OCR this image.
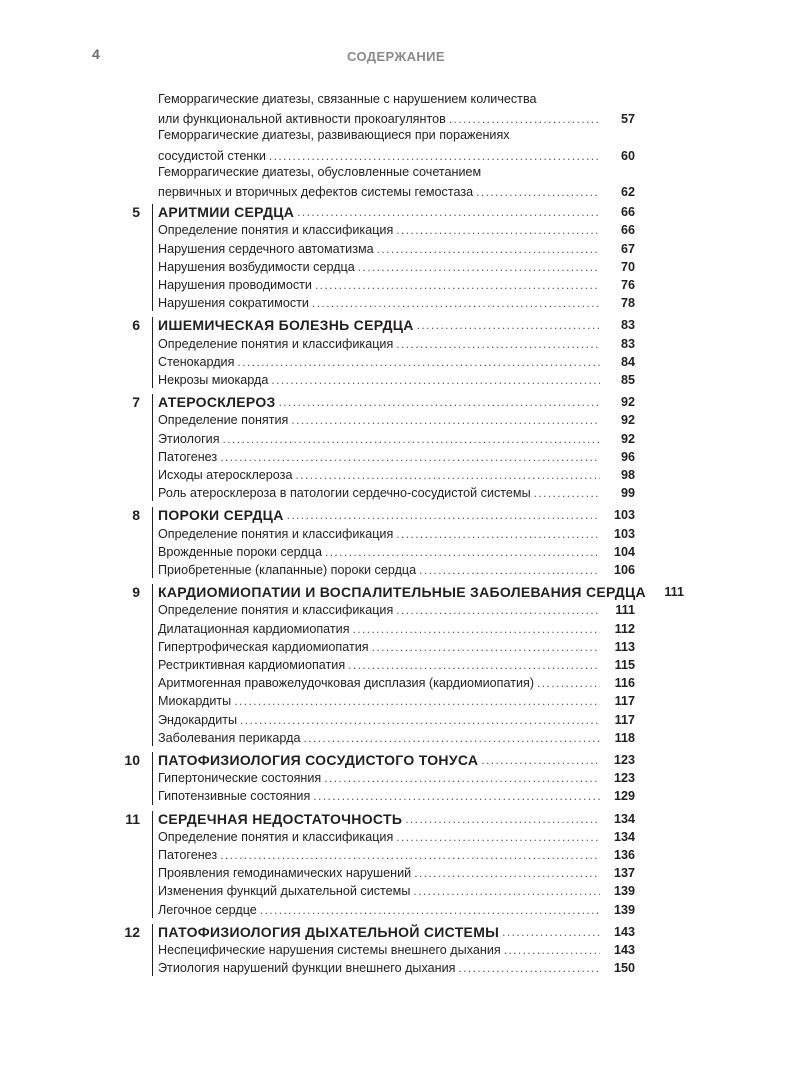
4	СОДЕРЖАНИЕ
Геморрагические диатезы, связанные с нарушением количества
или функциональной активности прокоагулянтов .....	57
Геморрагические диатезы, развивающиеся при поражениях
сосудистой стенки .....	60
Геморрагические диатезы, обусловленные сочетанием
первичных и вторичных дефектов системы гемостаза .....	62
5 АРИТМИИ СЕРДЦА .....	66
Определение понятия и классификация .....	66
Нарушения сердечного автоматизма .....	67
Нарушения возбудимости сердца .....	70
Нарушения проводимости .....	76
Нарушения сократимости .....	78
6 ИШЕМИЧЕСКАЯ БОЛЕЗНЬ СЕРДЦА .....	83
Определение понятия и классификация .....	83
Стенокардия .....	84
Некрозы миокарда .....	85
7 АТЕРОСКЛЕРОЗ .....	92
Определение понятия .....	92
Этиология .....	92
Патогенез .....	96
Исходы атеросклероза .....	98
Роль атеросклероза в патологии сердечно-сосудистой системы .....	99
8 ПОРОКИ СЕРДЦА .....	103
Определение понятия и классификация .....	103
Врожденные пороки сердца .....	104
Приобретенные (клапанные) пороки сердца .....	106
9 КАРДИОМИОПАТИИ И ВОСПАЛИТЕЛЬНЫЕ ЗАБОЛЕВАНИЯ СЕРДЦА	111
Определение понятия и классификация .....	111
Дилатационная кардиомиопатия .....	112
Гипертрофическая кардиомиопатия .....	113
Рестриктивная кардиомиопатия .....	115
Аритмогенная правожелудочковая дисплазия (кардиомиопатия) .....	116
Миокардиты .....	117
Эндокардиты .....	117
Заболевания перикарда .....	118
10 ПАТОФИЗИОЛОГИЯ СОСУДИСТОГО ТОНУСА .....	123
Гипертонические состояния .....	123
Гипотензивные состояния .....	129
11 СЕРДЕЧНАЯ НЕДОСТАТОЧНОСТЬ .....	134
Определение понятия и классификация .....	134
Патогенез .....	136
Проявления гемодинамических нарушений .....	137
Изменения функций дыхательной системы .....	139
Легочное сердце .....	139
12 ПАТОФИЗИОЛОГИЯ ДЫХАТЕЛЬНОЙ СИСТЕМЫ .....	143
Неспецифические нарушения системы внешнего дыхания .....	143
Этиология нарушений функции внешнего дыхания .....	150
